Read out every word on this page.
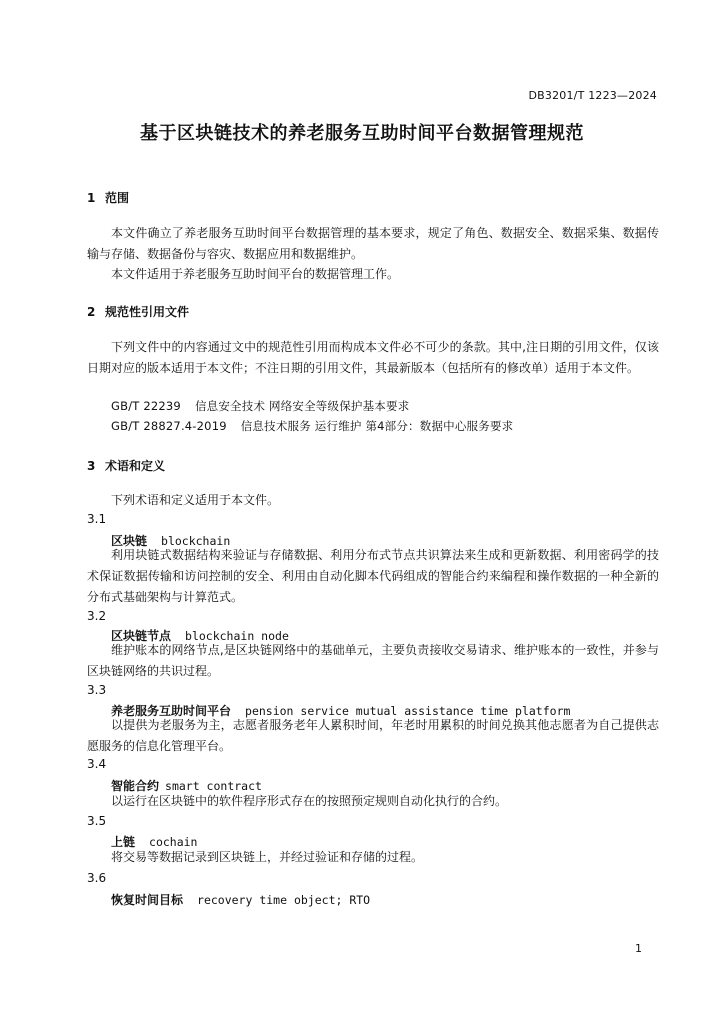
DB3201/T 1223—2024
基于区块链技术的养老服务互助时间平台数据管理规范
1 范围
本文件确立了养老服务互助时间平台数据管理的基本要求，规定了角色、数据安全、数据采集、数据传输与存储、数据备份与容灾、数据应用和数据维护。
本文件适用于养老服务互助时间平台的数据管理工作。
2 规范性引用文件
下列文件中的内容通过文中的规范性引用而构成本文件必不可少的条款。其中,注日期的引用文件，仅该日期对应的版本适用于本文件；不注日期的引用文件，其最新版本（包括所有的修改单）适用于本文件。
GB/T 22239 信息安全技术 网络安全等级保护基本要求
GB/T 28827.4-2019 信息技术服务 运行维护 第4部分：数据中心服务要求
3 术语和定义
下列术语和定义适用于本文件。
3.1
区块链 blockchain
利用块链式数据结构来验证与存储数据、利用分布式节点共识算法来生成和更新数据、利用密码学的技术保证数据传输和访问控制的安全、利用由自动化脚本代码组成的智能合约来编程和操作数据的一种全新的分布式基础架构与计算范式。
3.2
区块链节点 blockchain node
维护账本的网络节点,是区块链网络中的基础单元，主要负责接收交易请求、维护账本的一致性，并参与区块链网络的共识过程。
3.3
养老服务互助时间平台 pension service mutual assistance time platform
以提供为老服务为主，志愿者服务老年人累积时间，年老时用累积的时间兑换其他志愿者为自己提供志愿服务的信息化管理平台。
3.4
智能合约 smart contract
以运行在区块链中的软件程序形式存在的按照预定规则自动化执行的合约。
3.5
上链 cochain
将交易等数据记录到区块链上，并经过验证和存储的过程。
3.6
恢复时间目标 recovery time object; RTO
1
